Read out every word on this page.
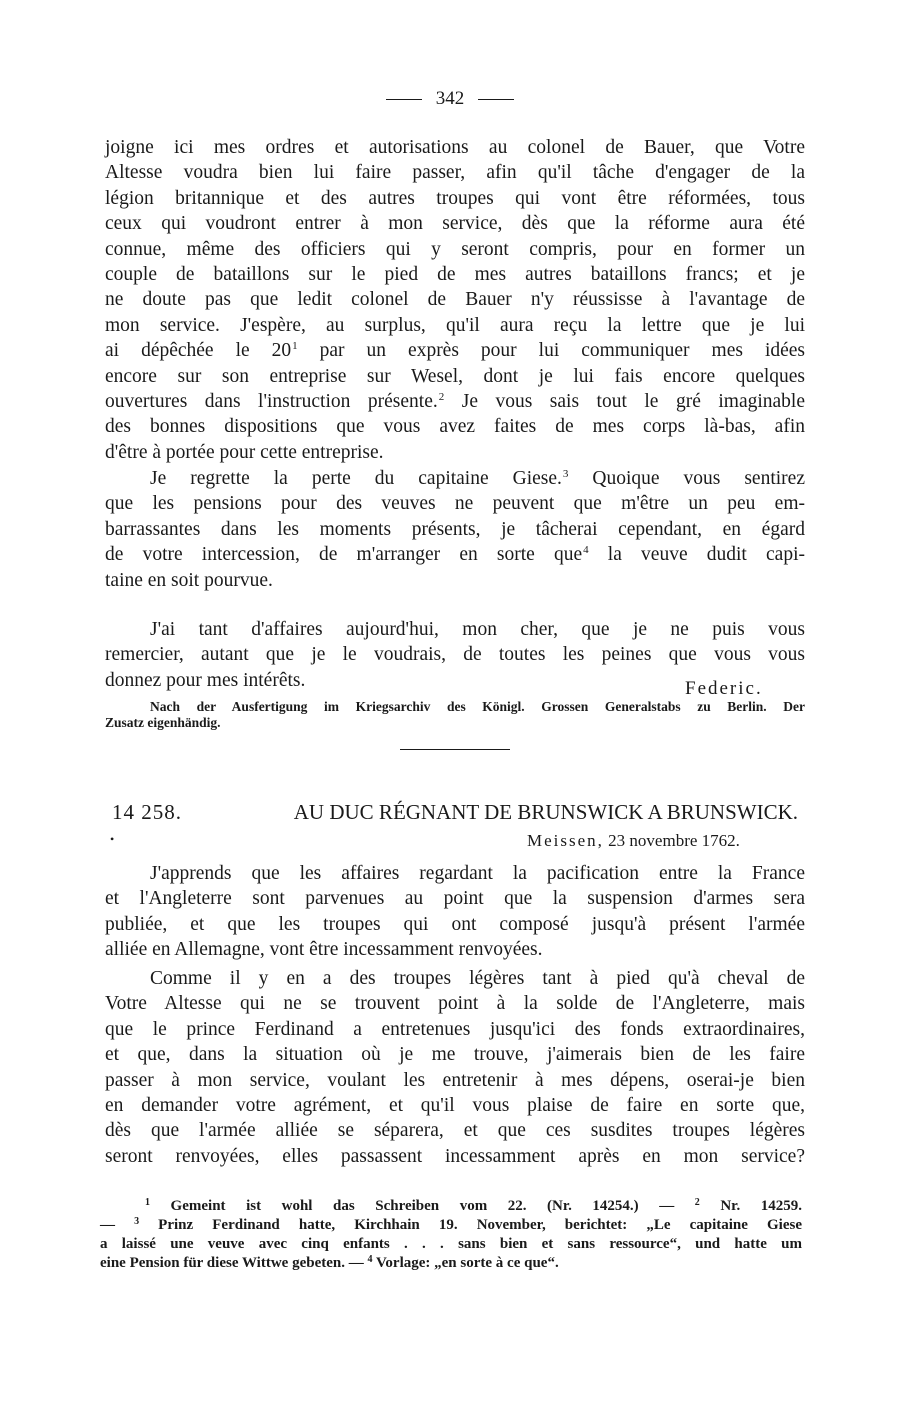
342
joigne ici mes ordres et autorisations au colonel de Bauer, que Votre
Altesse voudra bien lui faire passer, afin qu'il tâche d'engager de la
légion britannique et des autres troupes qui vont être réformées, tous
ceux qui voudront entrer à mon service, dès que la réforme aura été
connue, même des officiers qui y seront compris, pour en former un
couple de bataillons sur le pied de mes autres bataillons francs; et je
ne doute pas que ledit colonel de Bauer n'y réussisse à l'avantage de
mon service. J'espère, au surplus, qu'il aura reçu la lettre que je lui
ai dépêchée le 20$^1$ par un exprès pour lui communiquer mes idées
encore sur son entreprise sur Wesel, dont je lui fais encore quelques
ouvertures dans l'instruction présente.$^2$ Je vous sais tout le gré imaginable
des bonnes dispositions que vous avez faites de mes corps là-bas, afin
d'être à portée pour cette entreprise.
Je regrette la perte du capitaine Giese.$^3$ Quoique vous sentirez
que les pensions pour des veuves ne peuvent que m'être un peu em-
barrassantes dans les moments présents, je tâcherai cependant, en égard
de votre intercession, de m'arranger en sorte que$^4$ la veuve dudit capi-
taine en soit pourvue.
J'ai tant d'affaires aujourd'hui, mon cher, que je ne puis vous
remercier, autant que je le voudrais, de toutes les peines que vous vous
donnez pour mes intérêts.	Federic.
Nach der Ausfertigung im Kriegsarchiv des Königl. Grossen Generalstabs zu Berlin. Der
Zusatz eigenhändig.
14 258.	AU DUC RÉGNANT DE BRUNSWICK A BRUNSWICK.
•	Meissen, 23 novembre 1762.
J'apprends que les affaires regardant la pacification entre la France
et l'Angleterre sont parvenues au point que la suspension d'armes sera
publiée, et que les troupes qui ont composé jusqu'à présent l'armée
alliée en Allemagne, vont être incessamment renvoyées.
Comme il y en a des troupes légères tant à pied qu'à cheval de
Votre Altesse qui ne se trouvent point à la solde de l'Angleterre, mais
que le prince Ferdinand a entretenues jusqu'ici des fonds extraordinaires,
et que, dans la situation où je me trouve, j'aimerais bien de les faire
passer à mon service, voulant les entretenir à mes dépens, oserai-je bien
en demander votre agrément, et qu'il vous plaise de faire en sorte que,
dès que l'armée alliée se séparera, et que ces susdites troupes légères
seront renvoyées, elles passassent incessamment après en mon service?
$^1$ Gemeint ist wohl das Schreiben vom 22. (Nr. 14254.) — $^2$ Nr. 14259.
— $^3$ Prinz Ferdinand hatte, Kirchhain 19. November, berichtet: „Le capitaine Giese
a laissé une veuve avec cinq enfants . . . sans bien et sans ressource“, und hatte um
eine Pension für diese Wittwe gebeten. — $^4$ Vorlage: „en sorte à ce que“.
